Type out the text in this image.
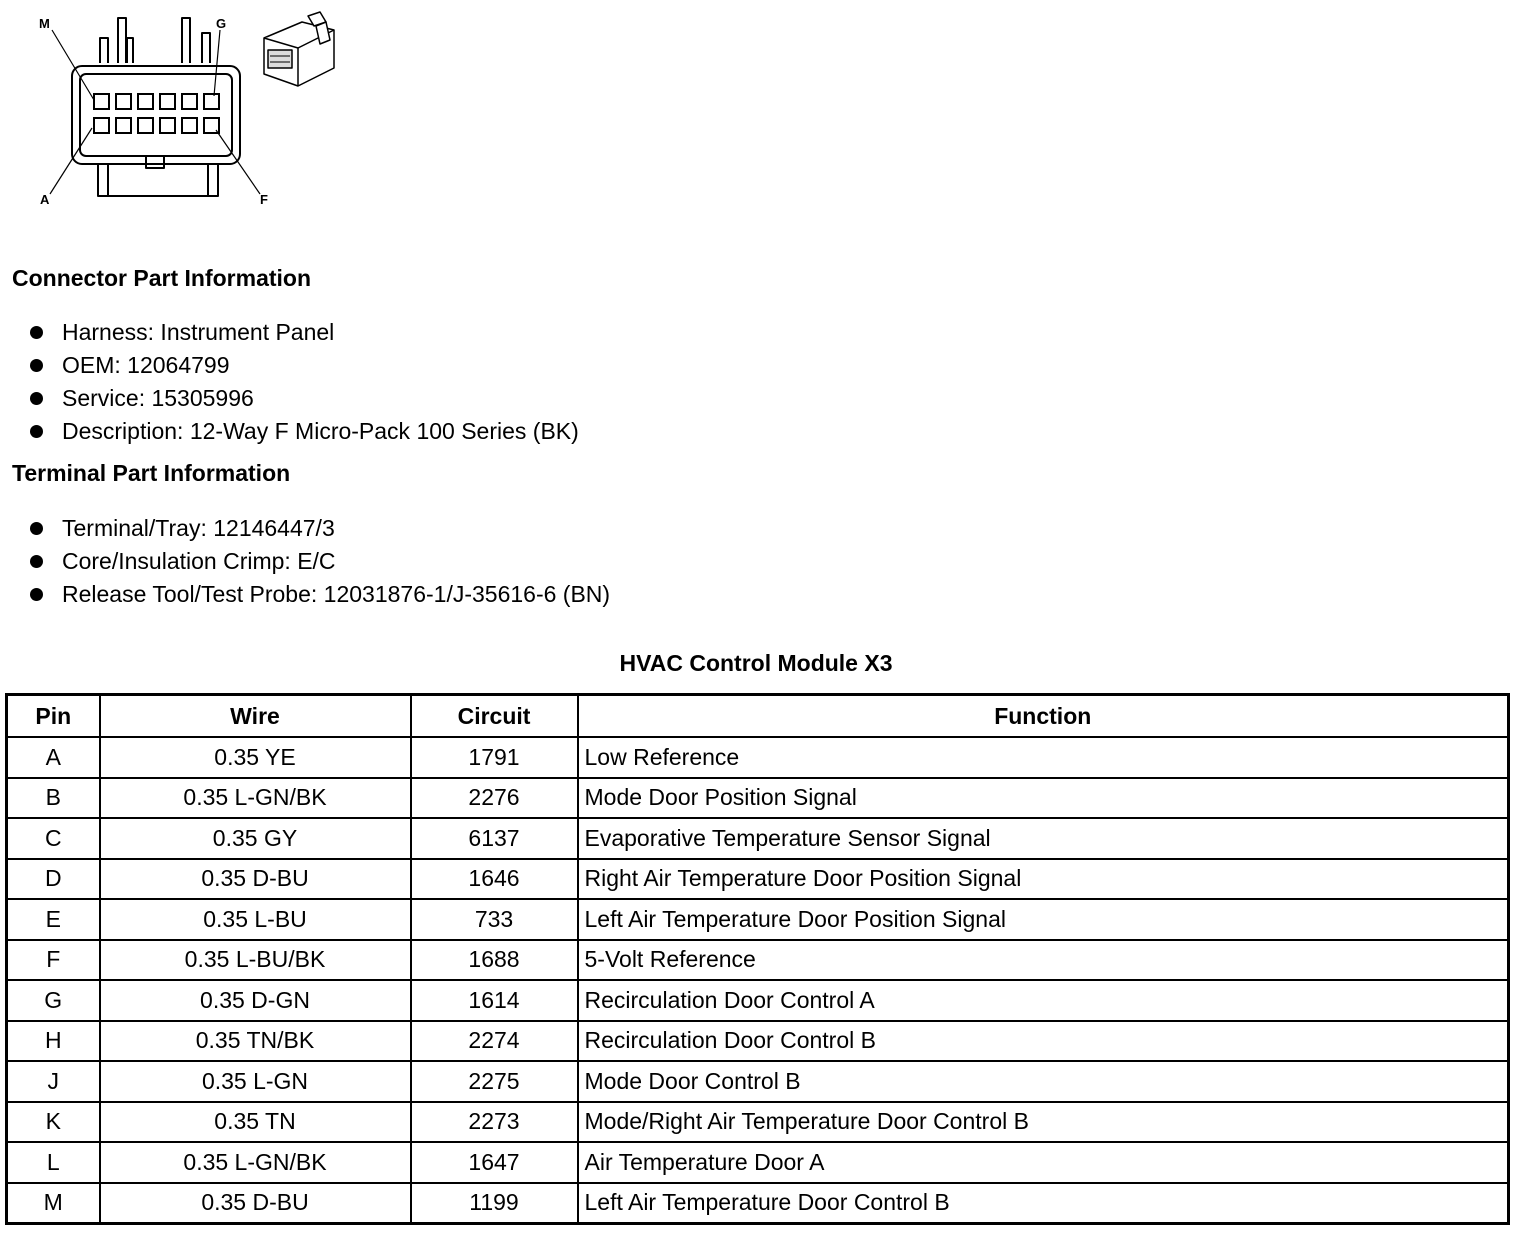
M	G
A	F
Connector Part Information
Harness: Instrument Panel
OEM: 12064799
Service: 15305996
Description: 12-Way F Micro-Pack 100 Series (BK)
Terminal Part Information
Terminal/Tray: 12146447/3
Core/Insulation Crimp: E/C
Release Tool/Test Probe: 12031876-1/J-35616-6 (BN)
HVAC Control Module X3
Pin	Wire	Circuit	Function
A	0.35 YE	1791	Low Reference
B	0.35 L-GN/BK	2276	Mode Door Position Signal
C	0.35 GY	6137	Evaporative Temperature Sensor Signal
D	0.35 D-BU	1646	Right Air Temperature Door Position Signal
E	0.35 L-BU	733	Left Air Temperature Door Position Signal
F	0.35 L-BU/BK	1688	5-Volt Reference
G	0.35 D-GN	1614	Recirculation Door Control A
H	0.35 TN/BK	2274	Recirculation Door Control B
J	0.35 L-GN	2275	Mode Door Control B
K	0.35 TN	2273	Mode/Right Air Temperature Door Control B
L	0.35 L-GN/BK	1647	Air Temperature Door A
M	0.35 D-BU	1199	Left Air Temperature Door Control B
